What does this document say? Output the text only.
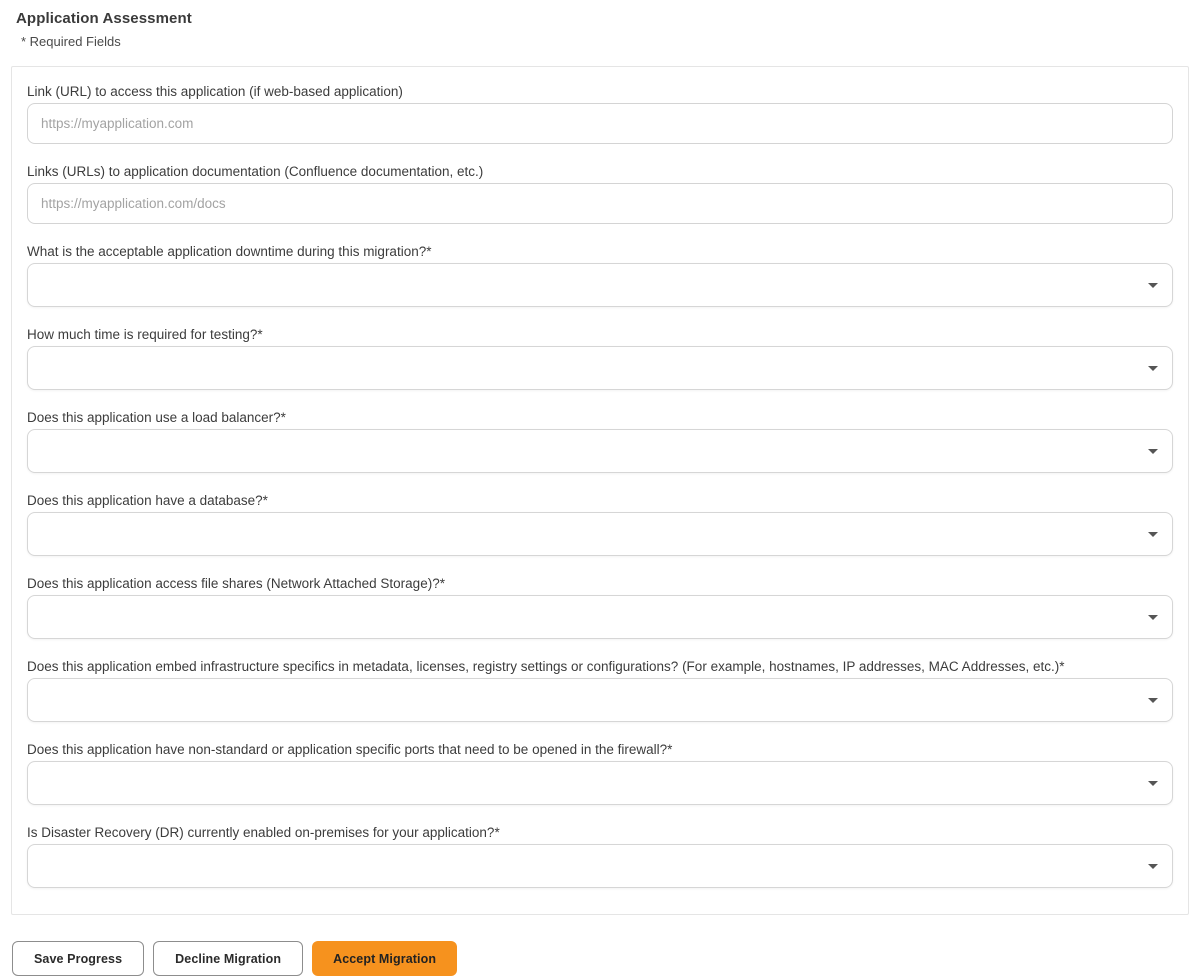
Application Assessment
* Required Fields
Link (URL) to access this application (if web-based application)
https://myapplication.com
Links (URLs) to application documentation (Confluence documentation, etc.)
https://myapplication.com/docs
What is the acceptable application downtime during this migration?*
How much time is required for testing?*
Does this application use a load balancer?*
Does this application have a database?*
Does this application access file shares (Network Attached Storage)?*
Does this application embed infrastructure specifics in metadata, licenses, registry settings or configurations? (For example, hostnames, IP addresses, MAC Addresses, etc.)*
Does this application have non-standard or application specific ports that need to be opened in the firewall?*
Is Disaster Recovery (DR) currently enabled on-premises for your application?*
Save Progress	Decline Migration	Accept Migration
